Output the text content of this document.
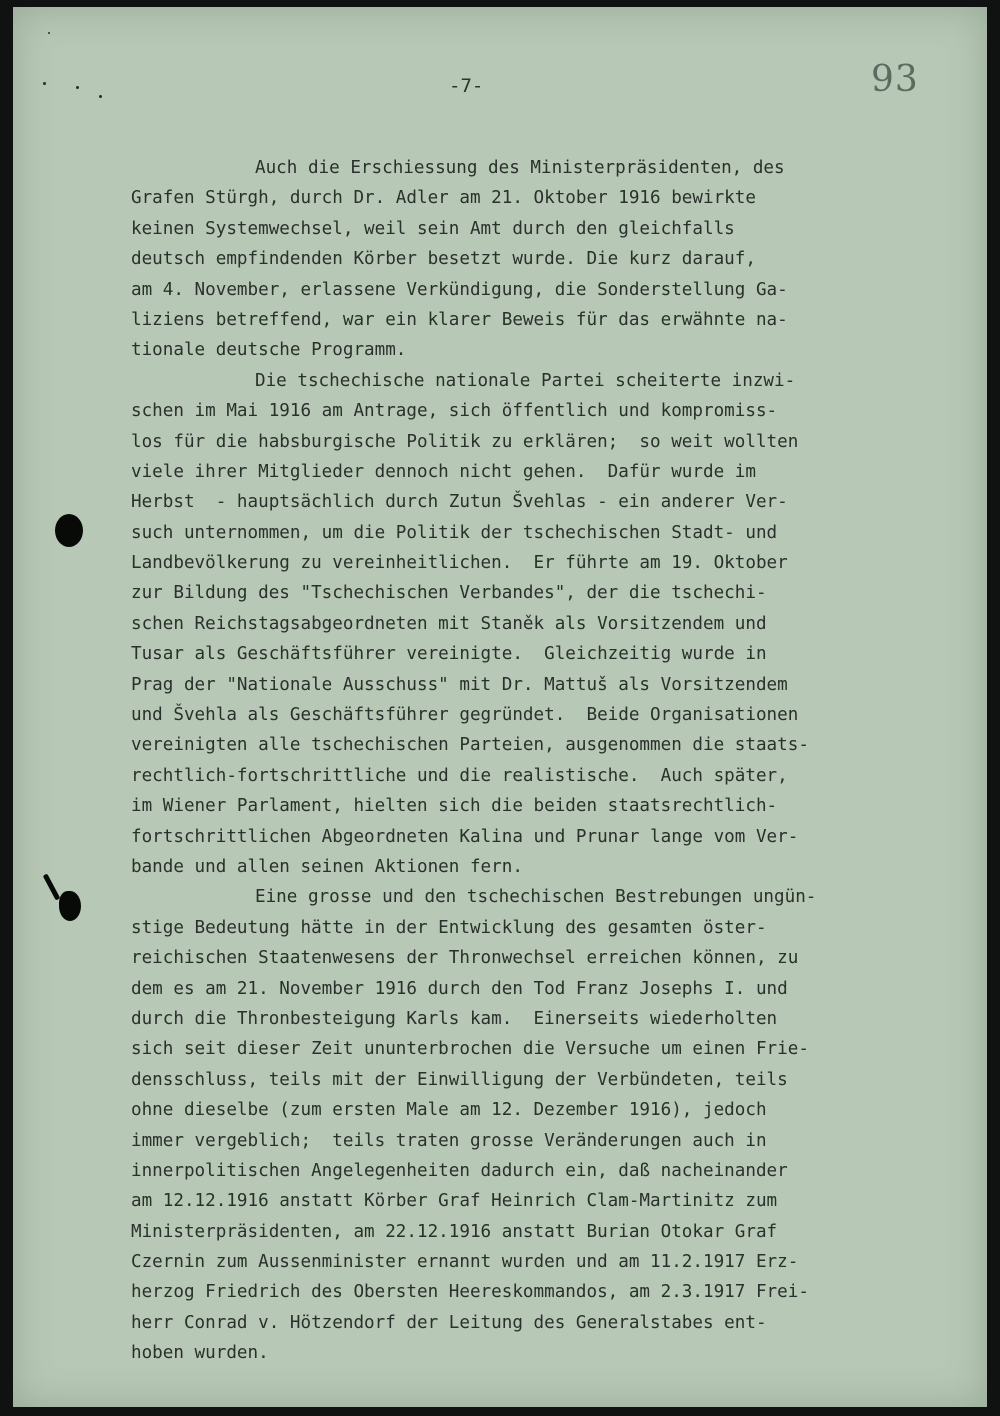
-7-	93
Auch die Erschiessung des Ministerpräsidenten, des
Grafen Stürgh, durch Dr. Adler am 21. Oktober 1916 bewirkte
keinen Systemwechsel, weil sein Amt durch den gleichfalls
deutsch empfindenden Körber besetzt wurde. Die kurz darauf,
am 4. November, erlassene Verkündigung, die Sonderstellung Ga-
liziens betreffend, war ein klarer Beweis für das erwähnte na-
tionale deutsche Programm.
Die tschechische nationale Partei scheiterte inzwi-
schen im Mai 1916 am Antrage, sich öffentlich und kompromiss-
los für die habsburgische Politik zu erklären;  so weit wollten
viele ihrer Mitglieder dennoch nicht gehen.  Dafür wurde im
Herbst  - hauptsächlich durch Zutun Švehlas - ein anderer Ver-
such unternommen, um die Politik der tschechischen Stadt- und
Landbevölkerung zu vereinheitlichen.  Er führte am 19. Oktober
zur Bildung des "Tschechischen Verbandes", der die tschechi-
schen Reichstagsabgeordneten mit Staněk als Vorsitzendem und
Tusar als Geschäftsführer vereinigte.  Gleichzeitig wurde in
Prag der "Nationale Ausschuss" mit Dr. Mattuš als Vorsitzendem
und Švehla als Geschäftsführer gegründet.  Beide Organisationen
vereinigten alle tschechischen Parteien, ausgenommen die staats-
rechtlich-fortschrittliche und die realistische.  Auch später,
im Wiener Parlament, hielten sich die beiden staatsrechtlich-
fortschrittlichen Abgeordneten Kalina und Prunar lange vom Ver-
bande und allen seinen Aktionen fern.
Eine grosse und den tschechischen Bestrebungen ungün-
stige Bedeutung hätte in der Entwicklung des gesamten öster-
reichischen Staatenwesens der Thronwechsel erreichen können, zu
dem es am 21. November 1916 durch den Tod Franz Josephs I. und
durch die Thronbesteigung Karls kam.  Einerseits wiederholten
sich seit dieser Zeit ununterbrochen die Versuche um einen Frie-
densschluss, teils mit der Einwilligung der Verbündeten, teils
ohne dieselbe (zum ersten Male am 12. Dezember 1916), jedoch
immer vergeblich;  teils traten grosse Veränderungen auch in
innerpolitischen Angelegenheiten dadurch ein, daß nacheinander
am 12.12.1916 anstatt Körber Graf Heinrich Clam-Martinitz zum
Ministerpräsidenten, am 22.12.1916 anstatt Burian Otokar Graf
Czernin zum Aussenminister ernannt wurden und am 11.2.1917 Erz-
herzog Friedrich des Obersten Heereskommandos, am 2.3.1917 Frei-
herr Conrad v. Hötzendorf der Leitung des Generalstabes ent-
hoben wurden.
